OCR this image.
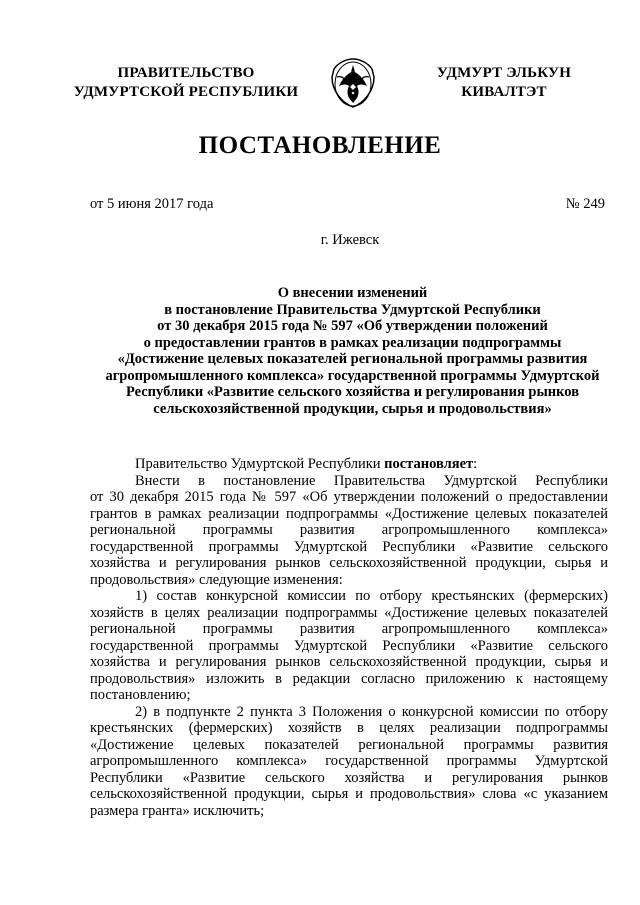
ПРАВИТЕЛЬСТВО
УДМУРТСКОЙ РЕСПУБЛИКИ
УДМУРТ ЭЛЬКУН
КИВАЛТЭТ
ПОСТАНОВЛЕНИЕ
от 5 июня 2017 года	№ 249
г. Ижевск
О внесении изменений
в постановление Правительства Удмуртской Республики
от 30 декабря 2015 года № 597 «Об утверждении положений
о предоставлении грантов в рамках реализации подпрограммы
«Достижение целевых показателей региональной программы развития
агропромышленного комплекса» государственной программы Удмуртской
Республики «Развитие сельского хозяйства и регулирования рынков
сельскохозяйственной продукции, сырья и продовольствия»
Правительство Удмуртской Республики постановляет:
Внести в постановление Правительства Удмуртской Республики
от 30 декабря 2015 года № 597 «Об утверждении положений о предоставлении
грантов в рамках реализации подпрограммы «Достижение целевых показателей
региональной программы развития агропромышленного комплекса»
государственной программы Удмуртской Республики «Развитие сельского
хозяйства и регулирования рынков сельскохозяйственной продукции, сырья и
продовольствия» следующие изменения:
1) состав конкурсной комиссии по отбору крестьянских (фермерских)
хозяйств в целях реализации подпрограммы «Достижение целевых показателей
региональной программы развития агропромышленного комплекса»
государственной программы Удмуртской Республики «Развитие сельского
хозяйства и регулирования рынков сельскохозяйственной продукции, сырья и
продовольствия» изложить в редакции согласно приложению к настоящему
постановлению;
2) в подпункте 2 пункта 3 Положения о конкурсной комиссии по отбору
крестьянских (фермерских) хозяйств в целях реализации подпрограммы
«Достижение целевых показателей региональной программы развития
агропромышленного комплекса» государственной программы Удмуртской
Республики «Развитие сельского хозяйства и регулирования рынков
сельскохозяйственной продукции, сырья и продовольствия» слова «с указанием
размера гранта» исключить;
